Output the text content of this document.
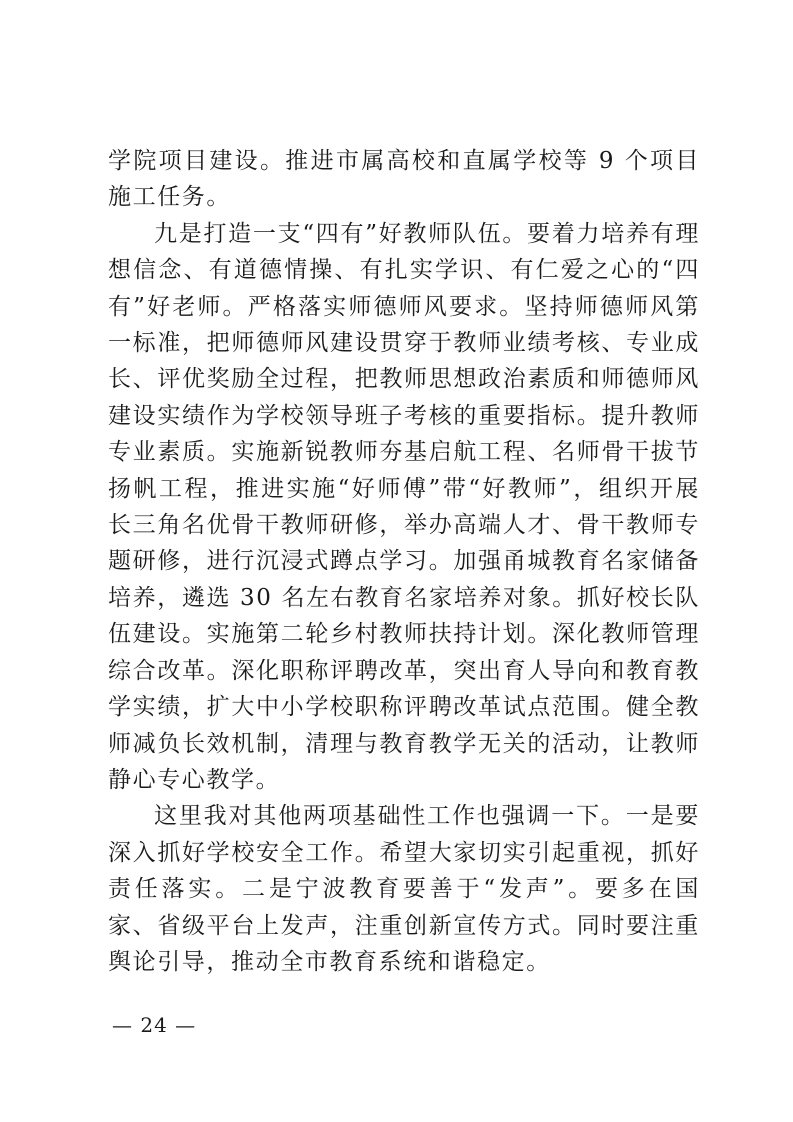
学院项目建设。推进市属高校和直属学校等 9 个项目施工任务。

九是打造一支“四有”好教师队伍。要着力培养有理想信念、有道德情操、有扎实学识、有仁爱之心的“四有”好老师。严格落实师德师风要求。坚持师德师风第一标准，把师德师风建设贯穿于教师业绩考核、专业成长、评优奖励全过程，把教师思想政治素质和师德师风建设实绩作为学校领导班子考核的重要指标。提升教师专业素质。实施新锐教师夯基启航工程、名师骨干拔节扬帆工程，推进实施“好师傅”带“好教师”，组织开展长三角名优骨干教师研修，举办高端人才、骨干教师专题研修，进行沉浸式蹲点学习。加强甬城教育名家储备培养，遴选 30 名左右教育名家培养对象。抓好校长队伍建设。实施第二轮乡村教师扶持计划。深化教师管理综合改革。深化职称评聘改革，突出育人导向和教育教学实绩，扩大中小学校职称评聘改革试点范围。健全教师减负长效机制，清理与教育教学无关的活动，让教师静心专心教学。

这里我对其他两项基础性工作也强调一下。一是要深入抓好学校安全工作。希望大家切实引起重视，抓好责任落实。二是宁波教育要善于“发声”。要多在国家、省级平台上发声，注重创新宣传方式。同时要注重舆论引导，推动全市教育系统和谐稳定。

— 24 —
